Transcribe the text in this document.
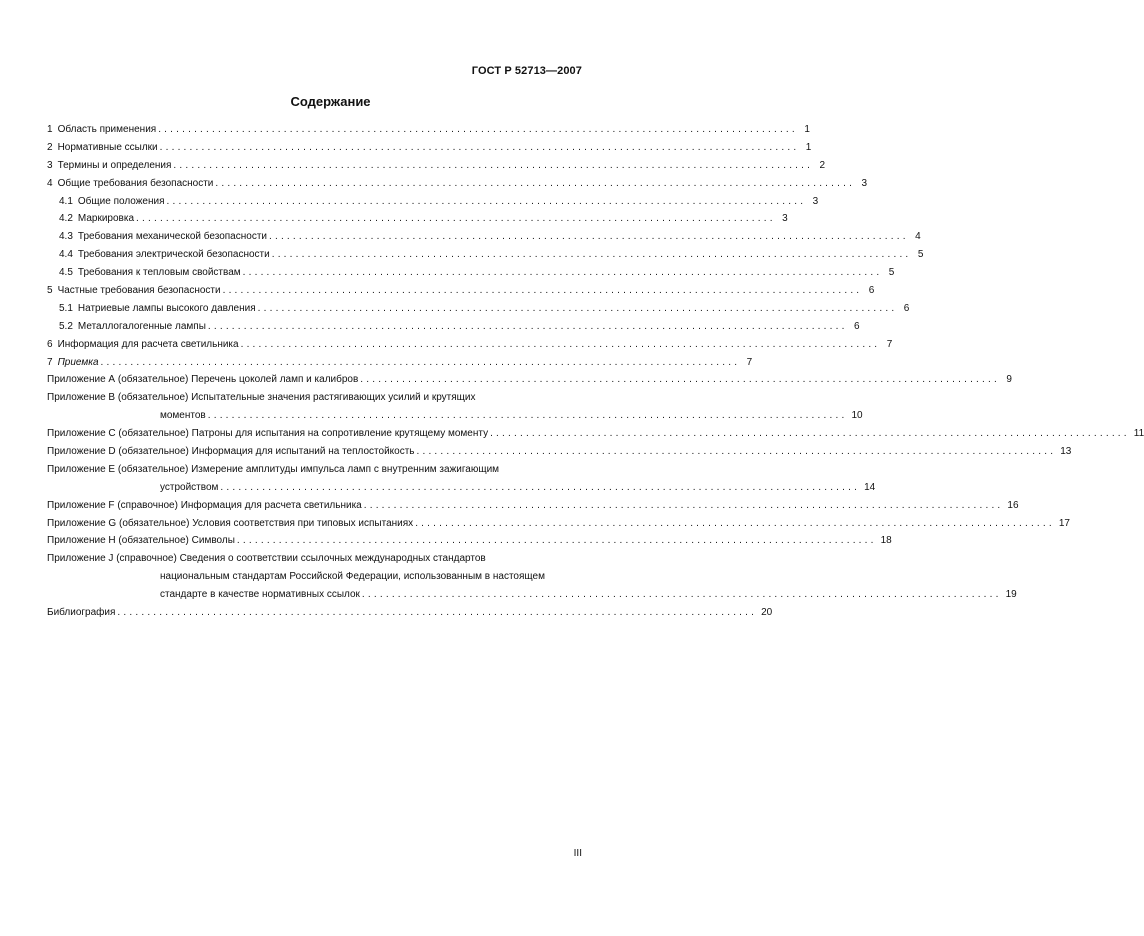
ГОСТ Р 52713—2007
Содержание
1 Область применения ........................................................................................................... 1
2 Нормативные ссылки ........................................................................................................... 1
3 Термины и определения ........................................................................................................... 2
4 Общие требования безопасности ........................................................................................................... 3
4.1 Общие положения ........................................................................................................... 3
4.2 Маркировка ........................................................................................................... 3
4.3 Требования механической безопасности ........................................................................................................... 4
4.4 Требования электрической безопасности ........................................................................................................... 5
4.5 Требования к тепловым свойствам ........................................................................................................... 5
5 Частные требования безопасности ........................................................................................................... 6
5.1 Натриевые лампы высокого давления ........................................................................................................... 6
5.2 Металлогалогенные лампы ........................................................................................................... 6
6 Информация для расчета светильника ........................................................................................................... 7
7 Приемка ........................................................................................................... 7
Приложение А (обязательное) Перечень цоколей ламп и калибров ........................................................................................................... 9
Приложение В (обязательное) Испытательные значения растягивающих усилий и крутящих
моментов ........................................................................................................... 10
Приложение С (обязательное) Патроны для испытания на сопротивление крутящему моменту ........................................................................................................... 11
Приложение D (обязательное) Информация для испытаний на теплостойкость ........................................................................................................... 13
Приложение Е (обязательное) Измерение амплитуды импульса ламп с внутренним зажигающим
устройством ........................................................................................................... 14
Приложение F (справочное) Информация для расчета светильника ........................................................................................................... 16
Приложение G (обязательное) Условия соответствия при типовых испытаниях ........................................................................................................... 17
Приложение Н (обязательное) Символы ........................................................................................................... 18
Приложение J (справочное) Сведения о соответствии ссылочных международных стандартов
национальным стандартам Российской Федерации, использованным в настоящем
стандарте в качестве нормативных ссылок ........................................................................................................... 19
Библиография ........................................................................................................... 20
III
